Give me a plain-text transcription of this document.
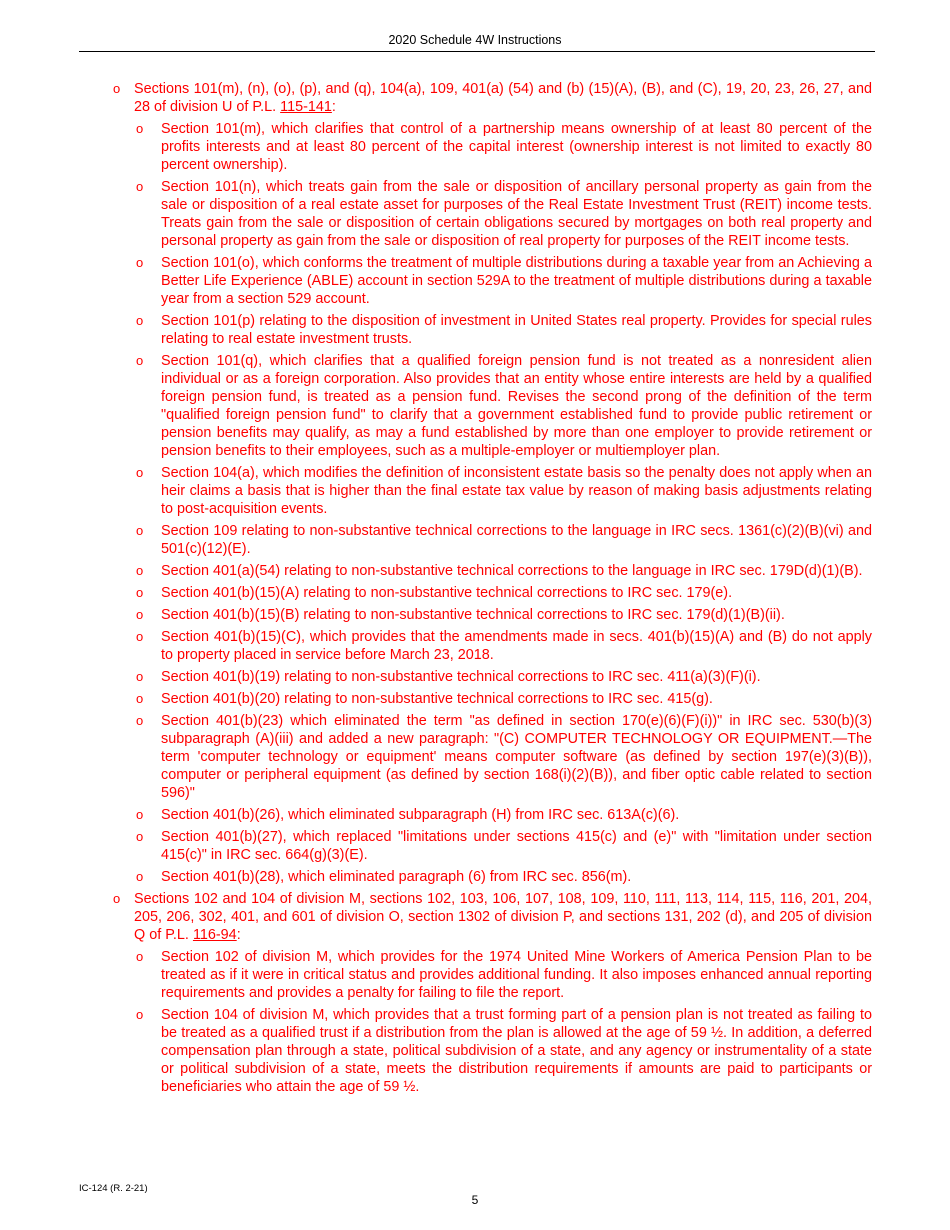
2020 Schedule 4W Instructions
o Sections 101(m), (n), (o), (p), and (q), 104(a), 109, 401(a) (54) and (b) (15)(A), (B), and (C), 19, 20, 23, 26, 27, and 28 of division U of P.L. 115-141:
o Section 101(m), which clarifies that control of a partnership means ownership of at least 80 percent of the profits interests and at least 80 percent of the capital interest (ownership interest is not limited to exactly 80 percent ownership).
o Section 101(n), which treats gain from the sale or disposition of ancillary personal property as gain from the sale or disposition of a real estate asset for purposes of the Real Estate Investment Trust (REIT) income tests. Treats gain from the sale or disposition of certain obligations secured by mortgages on both real property and personal property as gain from the sale or disposition of real property for purposes of the REIT income tests.
o Section 101(o), which conforms the treatment of multiple distributions during a taxable year from an Achieving a Better Life Experience (ABLE) account in section 529A to the treatment of multiple distributions during a taxable year from a section 529 account.
o Section 101(p) relating to the disposition of investment in United States real property. Provides for special rules relating to real estate investment trusts.
o Section 101(q), which clarifies that a qualified foreign pension fund is not treated as a nonresident alien individual or as a foreign corporation. Also provides that an entity whose entire interests are held by a qualified foreign pension fund, is treated as a pension fund. Revises the second prong of the definition of the term "qualified foreign pension fund" to clarify that a government established fund to provide public retirement or pension benefits may qualify, as may a fund established by more than one employer to provide retirement or pension benefits to their employees, such as a multiple-employer or multiemployer plan.
o Section 104(a), which modifies the definition of inconsistent estate basis so the penalty does not apply when an heir claims a basis that is higher than the final estate tax value by reason of making basis adjustments relating to post-acquisition events.
o Section 109 relating to non-substantive technical corrections to the language in IRC secs. 1361(c)(2)(B)(vi) and 501(c)(12)(E).
o Section 401(a)(54) relating to non-substantive technical corrections to the language in IRC sec. 179D(d)(1)(B).
o Section 401(b)(15)(A) relating to non-substantive technical corrections to IRC sec. 179(e).
o Section 401(b)(15)(B) relating to non-substantive technical corrections to IRC sec. 179(d)(1)(B)(ii).
o Section 401(b)(15)(C), which provides that the amendments made in secs. 401(b)(15)(A) and (B) do not apply to property placed in service before March 23, 2018.
o Section 401(b)(19) relating to non-substantive technical corrections to IRC sec. 411(a)(3)(F)(i).
o Section 401(b)(20) relating to non-substantive technical corrections to IRC sec. 415(g).
o Section 401(b)(23) which eliminated the term "as defined in section 170(e)(6)(F)(i))" in IRC sec. 530(b)(3) subparagraph (A)(iii) and added a new paragraph: "(C) COMPUTER TECHNOLOGY OR EQUIPMENT.—The term 'computer technology or equipment' means computer software (as defined by section 197(e)(3)(B)), computer or peripheral equipment (as defined by section 168(i)(2)(B)), and fiber optic cable related to section 596)"
o Section 401(b)(26), which eliminated subparagraph (H) from IRC sec. 613A(c)(6).
o Section 401(b)(27), which replaced "limitations under sections 415(c) and (e)" with "limitation under section 415(c)" in IRC sec. 664(g)(3)(E).
o Section 401(b)(28), which eliminated paragraph (6) from IRC sec. 856(m).
o Sections 102 and 104 of division M, sections 102, 103, 106, 107, 108, 109, 110, 111, 113, 114, 115, 116, 201, 204, 205, 206, 302, 401, and 601 of division O, section 1302 of division P, and sections 131, 202 (d), and 205 of division Q of P.L. 116-94:
o Section 102 of division M, which provides for the 1974 United Mine Workers of America Pension Plan to be treated as if it were in critical status and provides additional funding. It also imposes enhanced annual reporting requirements and provides a penalty for failing to file the report.
o Section 104 of division M, which provides that a trust forming part of a pension plan is not treated as failing to be treated as a qualified trust if a distribution from the plan is allowed at the age of 59 ½. In addition, a deferred compensation plan through a state, political subdivision of a state, and any agency or instrumentality of a state or political subdivision of a state, meets the distribution requirements if amounts are paid to participants or beneficiaries who attain the age of 59 ½.
IC-124 (R. 2-21)
5
